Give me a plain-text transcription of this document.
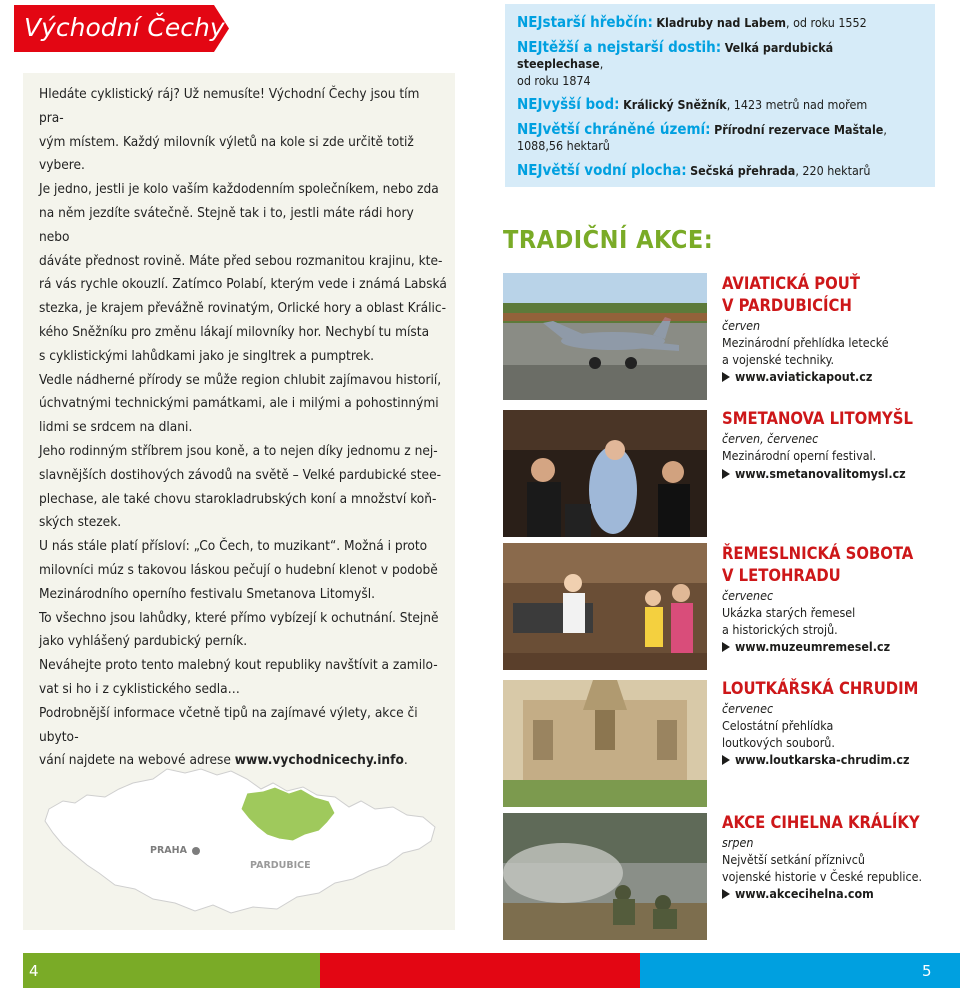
Východní Čechy

Hledáte cyklistický ráj? Už nemusíte! Východní Čechy jsou tím pra-

vým místem. Každý milovník výletů na kole si zde určitě totiž vybere.

Je jedno, jestli je kolo vaším každodenním společníkem, nebo zda

na něm jezdíte svátečně. Stejně tak i to, jestli máte rádi hory nebo

dáváte přednost rovině. Máte před sebou rozmanitou krajinu, kte-

rá vás rychle okouzlí. Zatímco Polabí, kterým vede i známá Labská

stezka, je krajem převážně rovinatým, Orlické hory a oblast Králic-

kého Sněžníku pro změnu lákají milovníky hor. Nechybí tu místa

s cyklistickými lahůdkami jako je singltrek a pumptrek.

Vedle nádherné přírody se může region chlubit zajímavou historií,

úchvatnými technickými památkami, ale i milými a pohostinnými

lidmi se srdcem na dlani.

Jeho rodinným stříbrem jsou koně, a to nejen díky jednomu z nej-

slavnějších dostihových závodů na světě – Velké pardubické stee-

plechase, ale také chovu starokladrubských koní a množství koň-

ských stezek.

U nás stále platí přísloví: „Co Čech, to muzikant“. Možná i proto

milovníci múz s takovou láskou pečují o hudební klenot v podobě

Mezinárodního operního festivalu Smetanova Litomyšl.

To všechno jsou lahůdky, které přímo vybízejí k ochutnání. Stejně

jako vyhlášený pardubický perník.

Neváhejte proto tento malebný kout republiky navštívit a zamilo-

vat si ho i z cyklistického sedla…

Podrobnější informace včetně tipů na zajímavé výlety, akce či ubyto-

vání najdete na webové adrese www.vychodnicechy.info.

PRAHA
PARDUBICE
NEJstarší hřebčín: Kladruby nad Labem, od roku 1552
NEJtěžší a nejstarší dostih: Velká pardubická steeplechase,
od roku 1874
NEJvyšší bod: Králický Sněžník, 1423 metrů nad mořem
NEJvětší chráněné území: Přírodní rezervace Maštale,
1088,56 hektarů
NEJvětší vodní plocha: Sečská přehrada, 220 hektarů
TRADIČNÍ AKCE:
AVIATICKÁ POUŤ
V PARDUBICÍCH
červen
Mezinárodní přehlídka letecké
a vojenské techniky.
www.aviatickapout.cz
SMETANOVA LITOMYŠL
červen, červenec
Mezinárodní operní festival.
www.smetanovalitomysl.cz
ŘEMESLNICKÁ SOBOTA
V LETOHRADU
červenec
Ukázka starých řemesel
a historických strojů.
www.muzeumremesel.cz
LOUTKÁŘSKÁ CHRUDIM
červenec
Celostátní přehlídka
loutkových souborů.
www.loutkarska-chrudim.cz
AKCE CIHELNA KRÁLÍKY
srpen
Největší setkání příznivců
vojenské historie v České republice.
www.akcecihelna.com
4	5
